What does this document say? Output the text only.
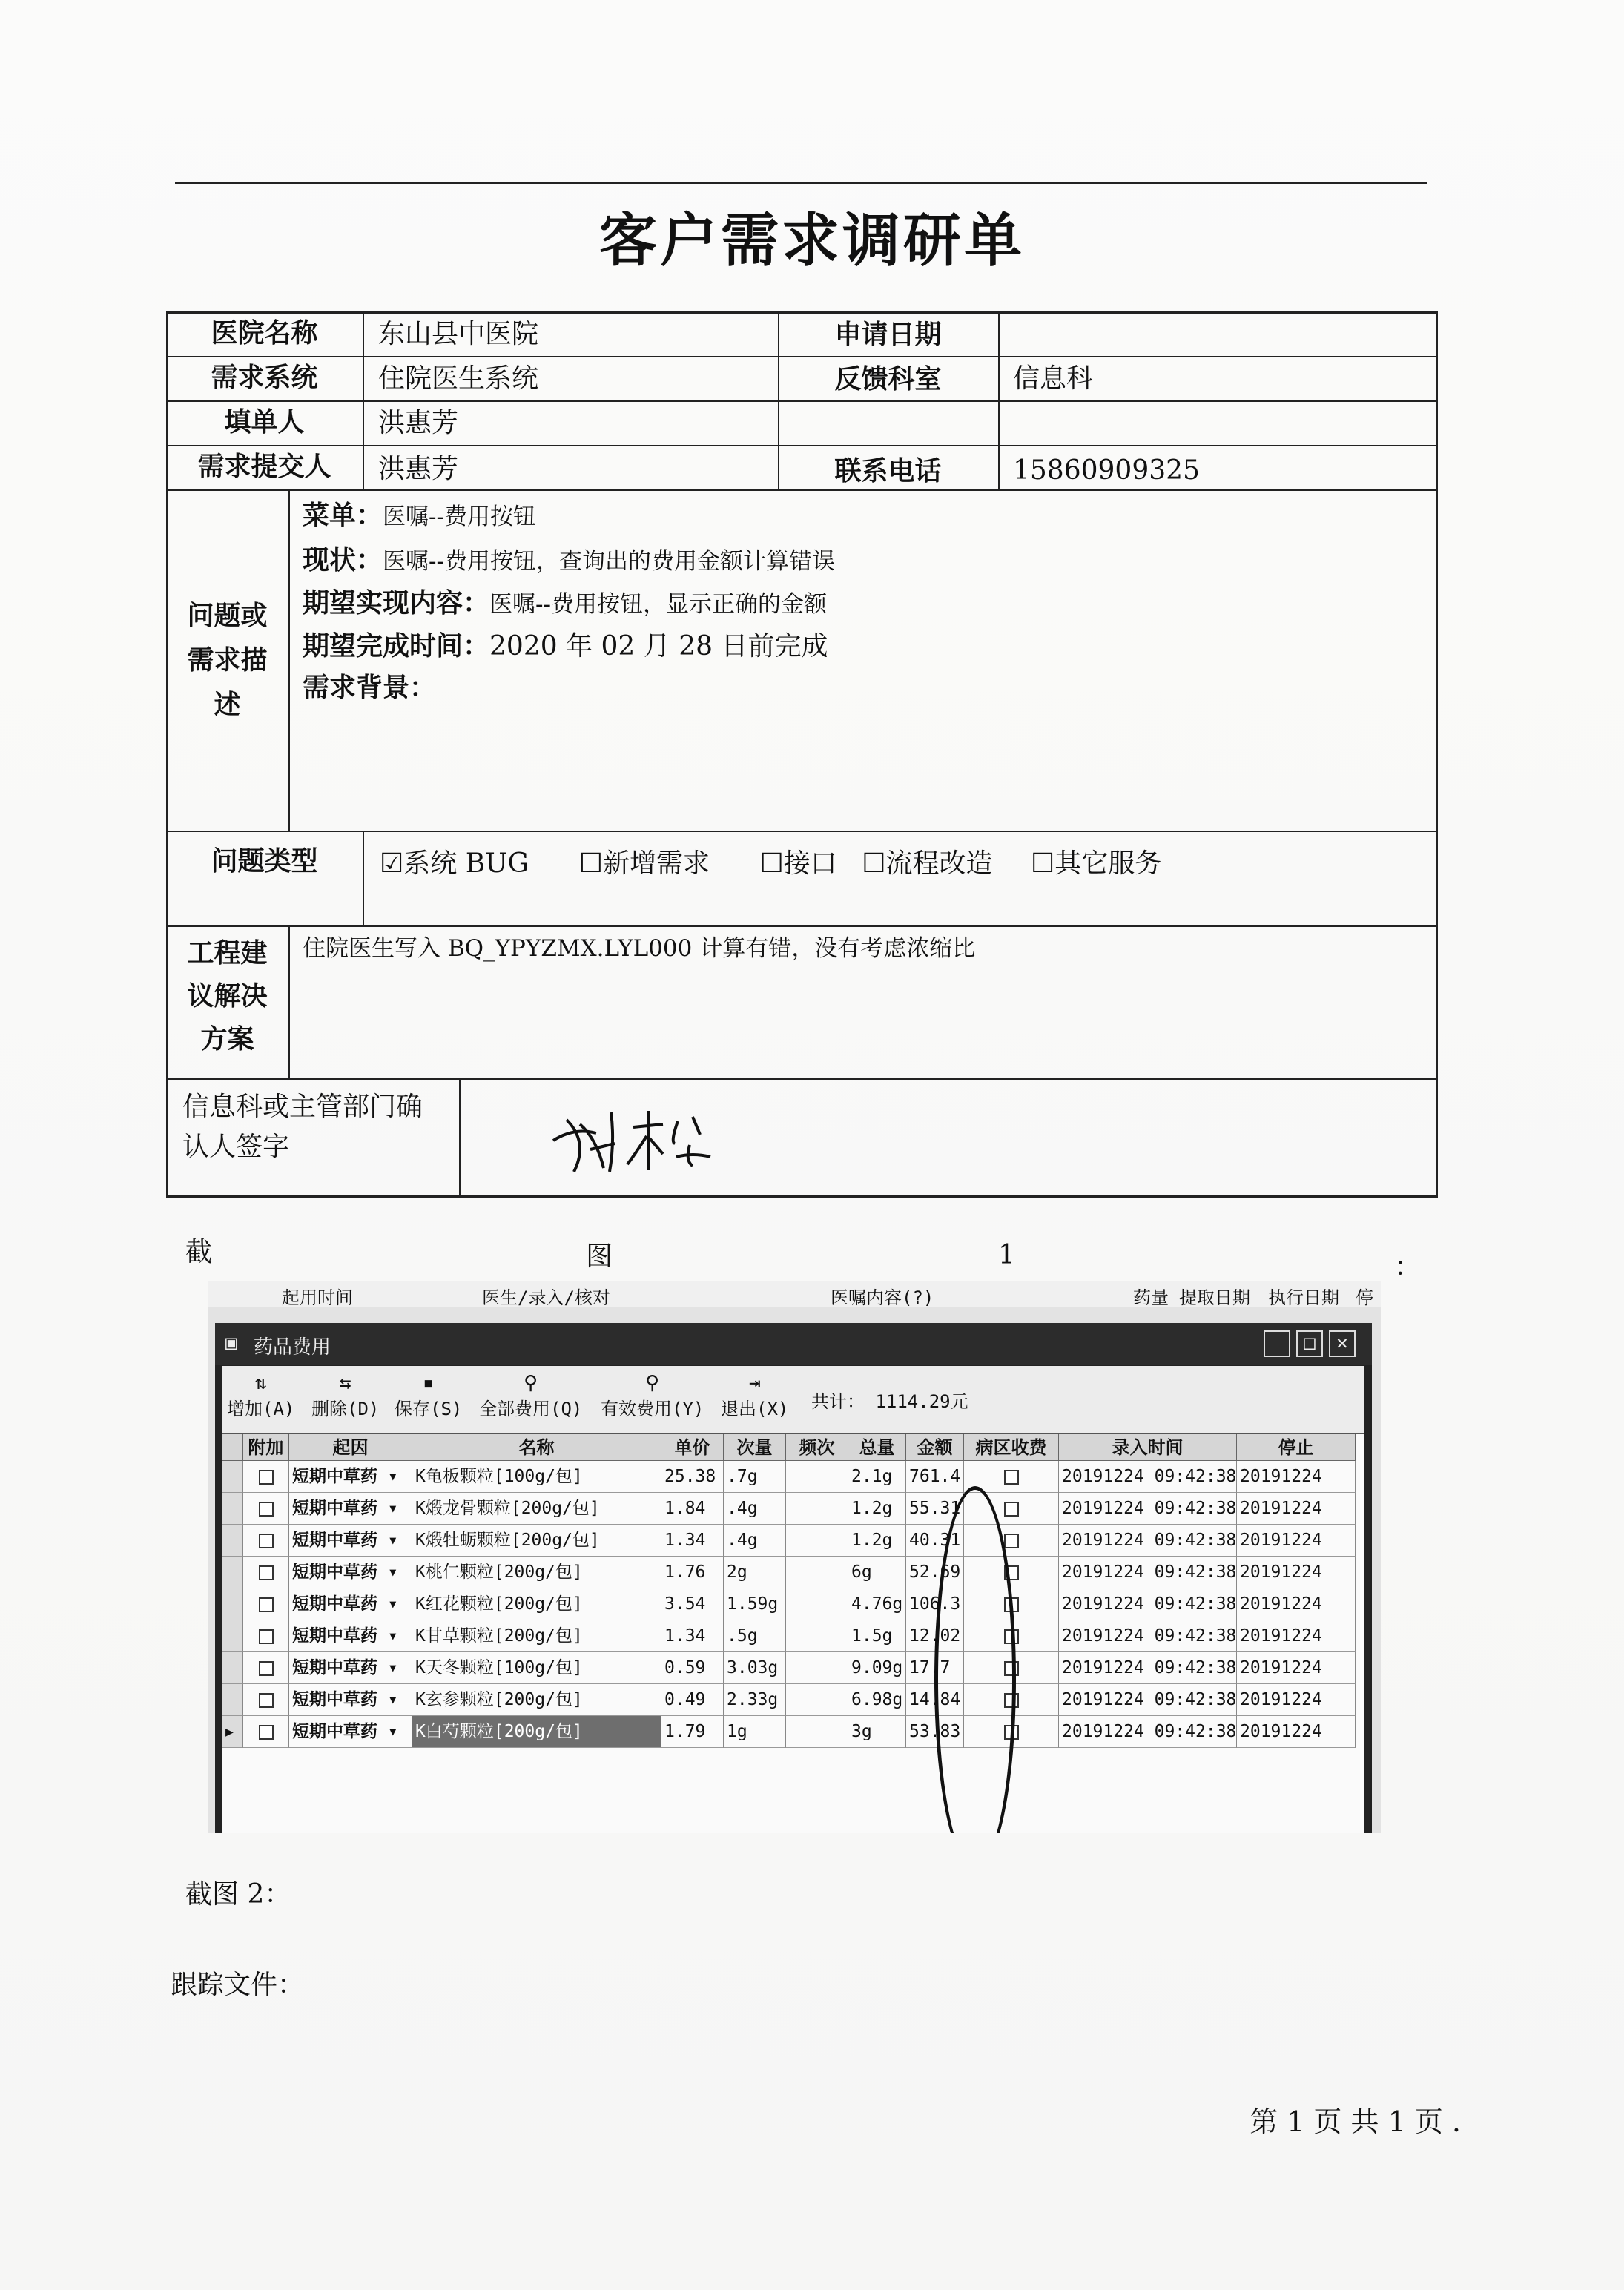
客户需求调研单
医院名称	东山县中医院	申请日期
需求系统	住院医生系统	反馈科室	信息科
填单人	洪惠芳
需求提交人	洪惠芳	联系电话	15860909325
问题或
需求描
述
菜单：医嘱--费用按钮
现状：医嘱--费用按钮，查询出的费用金额计算错误
期望实现内容：医嘱--费用按钮，显示正确的金额
期望完成时间：2020 年 02 月 28 日前完成
需求背景：
问题类型	☑系统 BUG ☐新增需求 ☐接口 ☐流程改造 ☐其它服务
工程建
议解决
方案
住院医生写入 BQ_YPYZMX.LYL000 计算有错，没有考虑浓缩比
信息科或主管部门确
认人签字
截	图	1	：
起用时间	医生/录入/核对	医嘱内容(?)	药量 提取日期 执行日期 停
▣ 药品费用	_	□	✕
⇅
增加(A)
⇆
删除(D)
▪
保存(S)
⚲
全部费用(Q)
⚲
有效费用(Y)
⇥
退出(X) 共计： 1114.29元
附加	起因	名称	单价	次量	频次	总量	金额	病区收费	录入时间	停止
短期中草药 ▾	K龟板颗粒[100g/包]	25.38 .7g	2.1g 761.4	20191224 09:42:38 20191224
短期中草药 ▾	K煅龙骨颗粒[200g/包]	1.84	.4g	1.2g 55.31	20191224 09:42:38 20191224
短期中草药 ▾	K煅牡蛎颗粒[200g/包]	1.34	.4g	1.2g 40.31	20191224 09:42:38 20191224
短期中草药 ▾	K桃仁颗粒[200g/包]	1.76	2g	6g	52.69	20191224 09:42:38 20191224
短期中草药 ▾	K红花颗粒[200g/包]	3.54	1.59g	4.76g 106.3	20191224 09:42:38 20191224
短期中草药 ▾	K甘草颗粒[200g/包]	1.34	.5g	1.5g 12.02	20191224 09:42:38 20191224
短期中草药 ▾	K天冬颗粒[100g/包]	0.59	3.03g	9.09g 17.7	20191224 09:42:38 20191224
短期中草药 ▾	K玄参颗粒[200g/包]	0.49	2.33g	6.98g 14.84	20191224 09:42:38 20191224
▶	短期中草药 ▾	K白芍颗粒[200g/包]	1.79	1g	3g	53.83	20191224 09:42:38 20191224
截图 2：
跟踪文件：
第 1 页 共 1 页 .
